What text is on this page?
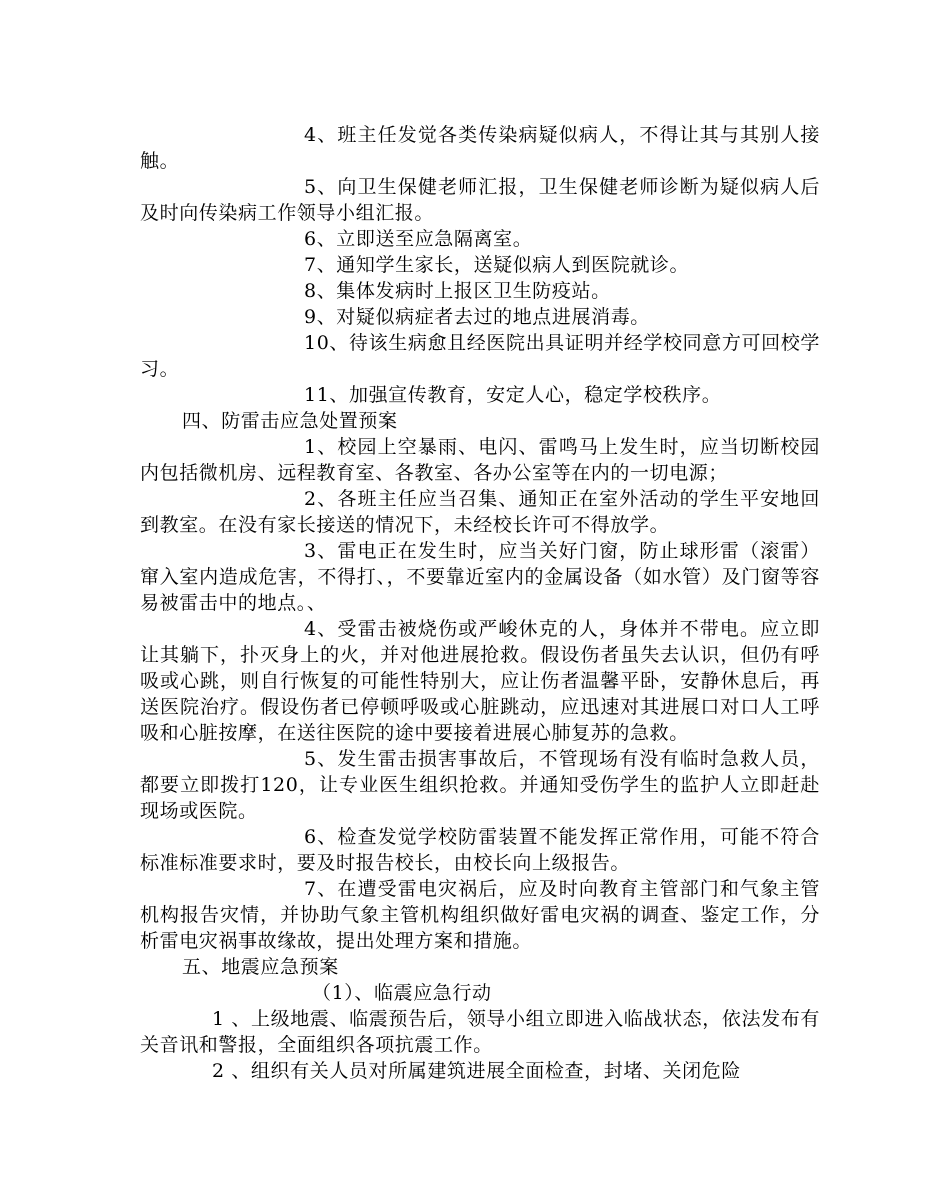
4、班主任发觉各类传染病疑似病人，不得让其与其别人接触。

5、向卫生保健老师汇报，卫生保健老师诊断为疑似病人后及时向传染病工作领导小组汇报。

6、立即送至应急隔离室。

7、通知学生家长，送疑似病人到医院就诊。

8、集体发病时上报区卫生防疫站。

9、对疑似病症者去过的地点进展消毒。

10、待该生病愈且经医院出具证明并经学校同意方可回校学习。

11、加强宣传教育，安定人心，稳定学校秩序。

四、防雷击应急处置预案

1、校园上空暴雨、电闪、雷鸣马上发生时，应当切断校园内包括微机房、远程教育室、各教室、各办公室等在内的一切电源；

2、各班主任应当召集、通知正在室外活动的学生平安地回到教室。在没有家长接送的情况下，未经校长许可不得放学。

3、雷电正在发生时，应当关好门窗，防止球形雷（滚雷）窜入室内造成危害，不得打、，不要靠近室内的金属设备（如水管）及门窗等容易被雷击中的地点。、

4、受雷击被烧伤或严峻休克的人，身体并不带电。应立即让其躺下，扑灭身上的火，并对他进展抢救。假设伤者虽失去认识，但仍有呼吸或心跳，则自行恢复的可能性特别大，应让伤者温馨平卧，安静休息后，再送医院治疗。假设伤者已停顿呼吸或心脏跳动，应迅速对其进展口对口人工呼吸和心脏按摩，在送往医院的途中要接着进展心肺复苏的急救。

5、发生雷击损害事故后，不管现场有没有临时急救人员，都要立即拨打120，让专业医生组织抢救。并通知受伤学生的监护人立即赶赴现场或医院。

6、检查发觉学校防雷装置不能发挥正常作用，可能不符合标准标准要求时，要及时报告校长，由校长向上级报告。

7、在遭受雷电灾祸后，应及时向教育主管部门和气象主管机构报告灾情，并协助气象主管机构组织做好雷电灾祸的调查、鉴定工作，分析雷电灾祸事故缘故，提出处理方案和措施。

五、地震应急预案

（1）、临震应急行动

1 、上级地震、临震预告后，领导小组立即进入临战状态，依法发布有关音讯和警报，全面组织各项抗震工作。

2 、组织有关人员对所属建筑进展全面检查，封堵、关闭危险
